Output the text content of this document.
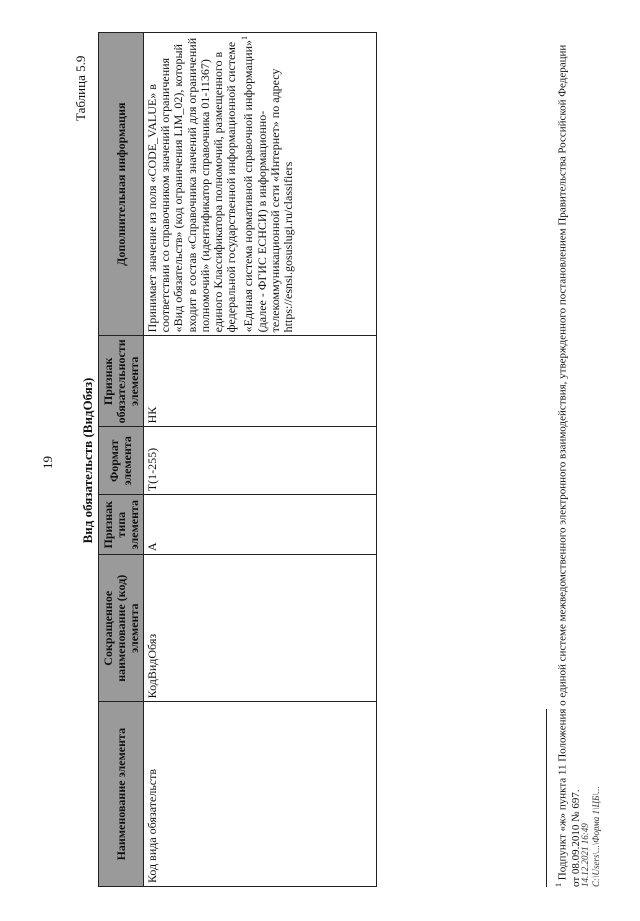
19
Таблица 5.9
Вид обязательств (ВидОбяз)
Наименование элемента	Сокращенное наименование (код) элемента	Признак типа элемента	Формат элемента	Признак обязательности элемента	Дополнительная информация
Код вида обязательств	КодВидОбяз	А	T(1-255)	НК	Принимает значение из поля «CODE_VALUE» в соответствии со справочником значений ограничения «Вид обязательств» (код ограничения LIM_02), который входит в состав «Справочника значений для ограничений полномочий» (идентификатор справочника 01-11367) единого Классификатора полномочий, размещенного в федеральной государственной информационной системе «Единая система нормативной справочной информации»$^1$ (далее - ФГИС ЕСНСИ) в информационно-телекоммуникационной сети «Интернет» по адресу https://esnsi.gosuslugi.ru/classifiers
$^1$ Подпункт «ж» пункта 11 Положения о единой системе межведомственного электронного взаимодействия, утвержденного постановлением Правительства Российской Федерации от 08.09.2010 № 697.
14.12.2021 16:49 С:\Users\...\Форма 1\ЦБ\...
